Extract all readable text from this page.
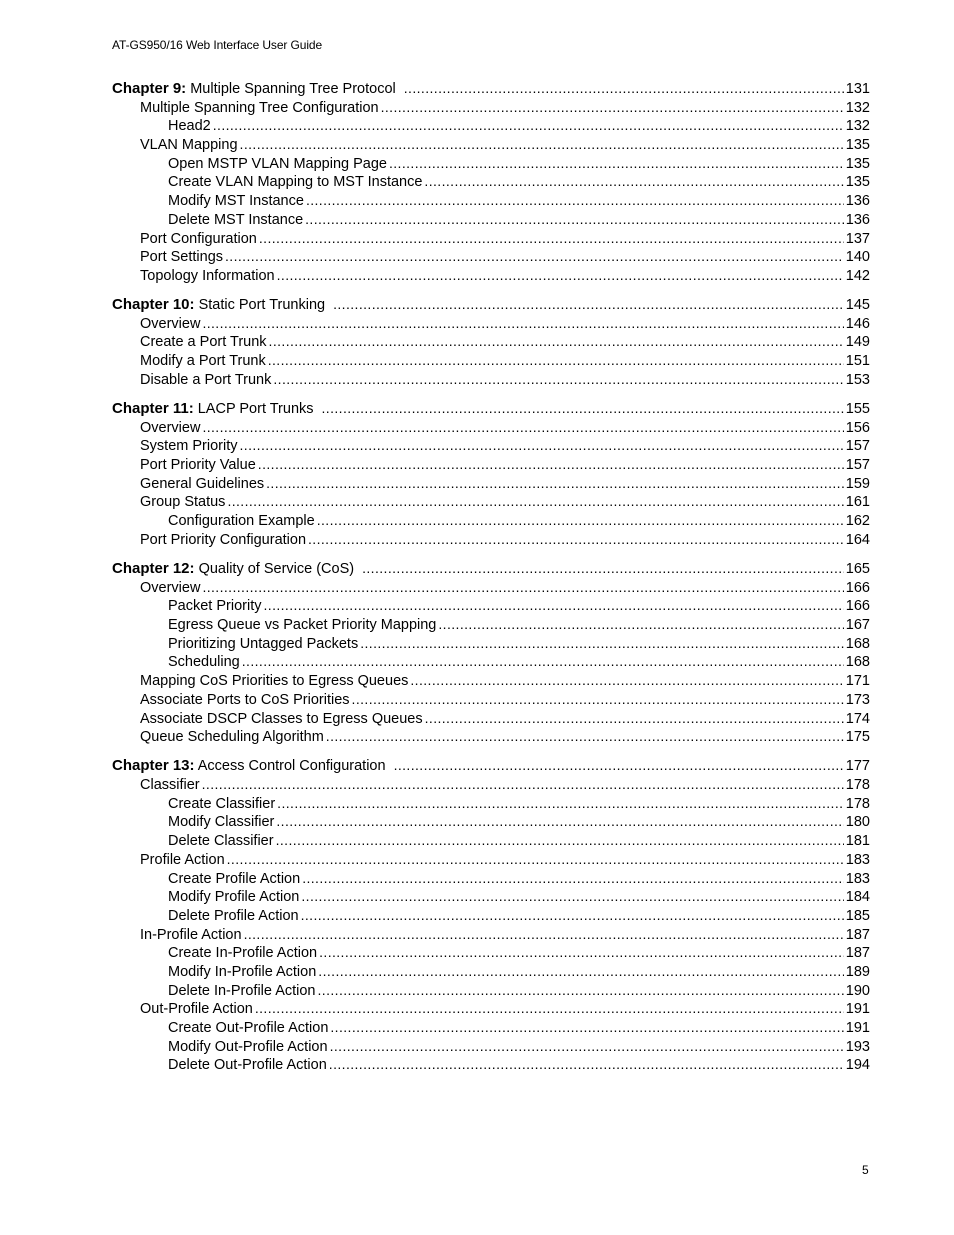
AT-GS950/16 Web Interface User Guide
Chapter 9: Multiple Spanning Tree Protocol .....	131
Multiple Spanning Tree Configuration .....	132
Head2 .....	132
VLAN Mapping .....	135
Open MSTP VLAN Mapping Page .....	135
Create VLAN Mapping to MST Instance .....	135
Modify MST Instance .....	136
Delete MST Instance .....	136
Port Configuration .....	137
Port Settings .....	140
Topology Information .....	142
Chapter 10: Static Port Trunking .....	145
Overview .....	146
Create a Port Trunk .....	149
Modify a Port Trunk .....	151
Disable a Port Trunk .....	153
Chapter 11: LACP Port Trunks .....	155
Overview .....	156
System Priority .....	157
Port Priority Value .....	157
General Guidelines .....	159
Group Status .....	161
Configuration Example .....	162
Port Priority Configuration .....	164
Chapter 12: Quality of Service (CoS) .....	165
Overview .....	166
Packet Priority .....	166
Egress Queue vs Packet Priority Mapping .....	167
Prioritizing Untagged Packets .....	168
Scheduling .....	168
Mapping CoS Priorities to Egress Queues .....	171
Associate Ports to CoS Priorities .....	173
Associate DSCP Classes to Egress Queues .....	174
Queue Scheduling Algorithm .....	175
Chapter 13: Access Control Configuration .....	177
Classifier .....	178
Create Classifier .....	178
Modify Classifier .....	180
Delete Classifier .....	181
Profile Action .....	183
Create Profile Action .....	183
Modify Profile Action .....	184
Delete Profile Action .....	185
In-Profile Action .....	187
Create In-Profile Action .....	187
Modify In-Profile Action .....	189
Delete In-Profile Action .....	190
Out-Profile Action .....	191
Create Out-Profile Action .....	191
Modify Out-Profile Action .....	193
Delete Out-Profile Action .....	194
5
